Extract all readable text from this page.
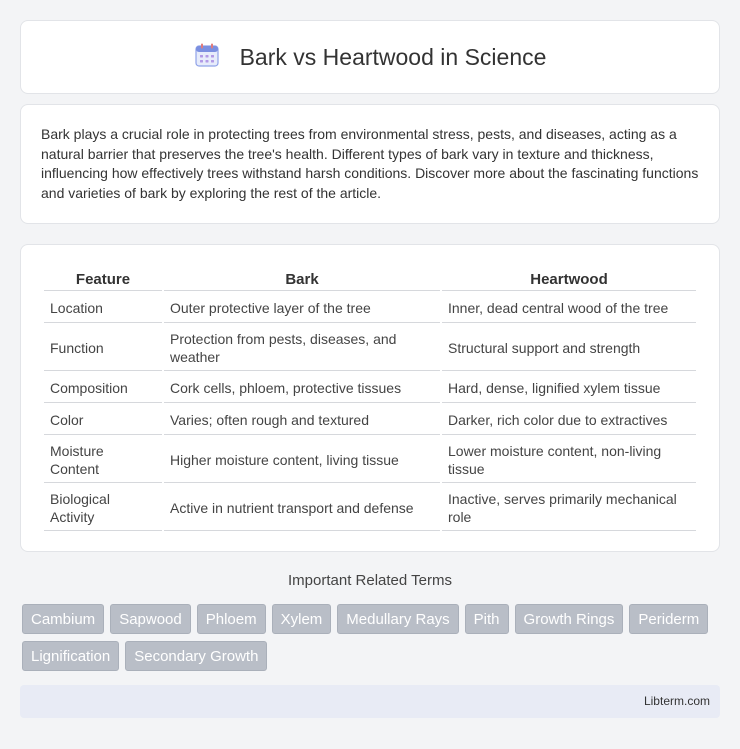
Bark vs Heartwood in Science

Bark plays a crucial role in protecting trees from environmental stress, pests, and diseases, acting as a natural barrier that preserves the tree's health. Different types of bark vary in texture and thickness, influencing how effectively trees withstand harsh conditions. Discover more about the fascinating functions and varieties of bark by exploring the rest of the article.

Feature	Bark	Heartwood
Location	Outer protective layer of the tree	Inner, dead central wood of the tree
Function	Protection from pests, diseases, and weather	Structural support and strength
Composition	Cork cells, phloem, protective tissues	Hard, dense, lignified xylem tissue
Color	Varies; often rough and textured	Darker, rich color due to extractives
Moisture Content	Higher moisture content, living tissue	Lower moisture content, non-living tissue
Biological Activity	Active in nutrient transport and defense	Inactive, serves primarily mechanical role
Important Related Terms
Cambium	Sapwood	Phloem	Xylem	Medullary Rays	Pith	Growth Rings	Periderm
Lignification	Secondary Growth
Libterm.com
